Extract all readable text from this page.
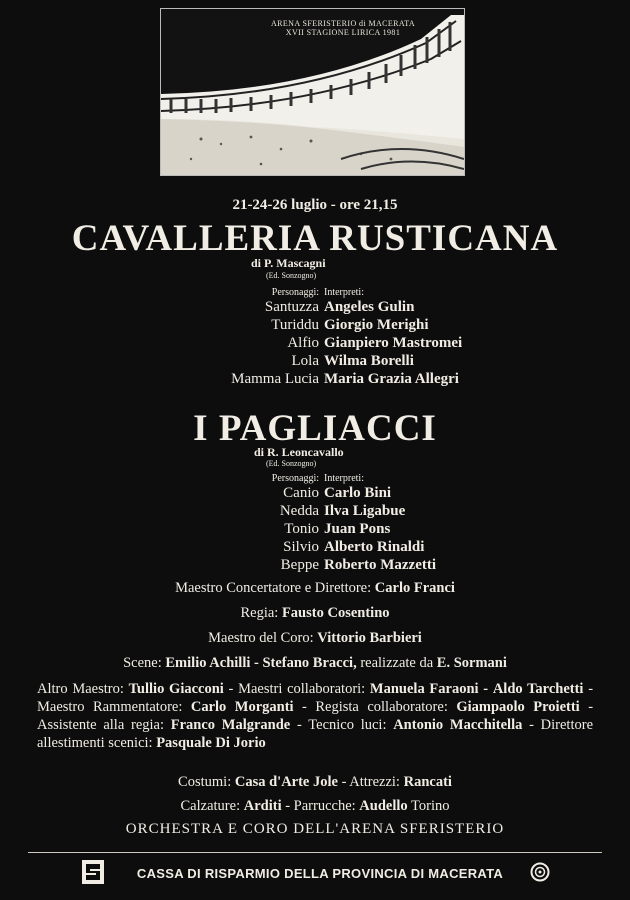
ARENA SFERISTERIO di MACERATA
XVII STAGIONE LIRICA 1981
21-24-26 luglio - ore 21,15
CAVALLERIA RUSTICANA
di P. Mascagni
(Ed. Sonzogno)
Personaggi: Interpreti:
Santuzza Angeles Gulin
Turiddu Giorgio Merighi
Alfio Gianpiero Mastromei
Lola Wilma Borelli
Mamma Lucia Maria Grazia Allegri
I PAGLIACCI
di R. Leoncavallo
(Ed. Sonzogno)
Personaggi: Interpreti:
Canio Carlo Bini
Nedda Ilva Ligabue
Tonio Juan Pons
Silvio Alberto Rinaldi
Beppe Roberto Mazzetti
Maestro Concertatore e Direttore: Carlo Franci
Regia: Fausto Cosentino
Maestro del Coro: Vittorio Barbieri
Scene: Emilio Achilli - Stefano Bracci, realizzate da E. Sormani
Altro Maestro: Tullio Giacconi - Maestri collaboratori: Manuela Faraoni - Aldo Tarchetti - Maestro Rammentatore: Carlo Morganti - Regista collaboratore: Giampaolo Proietti - Assistente alla regia: Franco Malgrande - Tecnico luci: Antonio Macchitella - Direttore allestimenti scenici: Pasquale Di Jorio
Costumi: Casa d'Arte Jole - Attrezzi: Rancati
Calzature: Arditi - Parrucche: Audello Torino
ORCHESTRA E CORO DELL'ARENA SFERISTERIO
CASSA DI RISPARMIO DELLA PROVINCIA DI MACERATA
